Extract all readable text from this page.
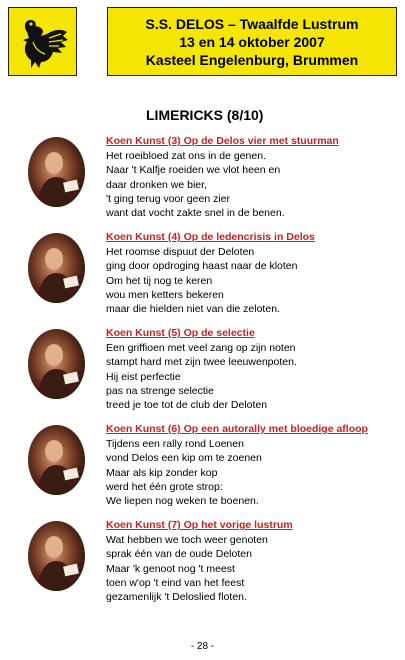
S.S. DELOS – Twaalfde Lustrum
13 en 14 oktober 2007
Kasteel Engelenburg, Brummen
LIMERICKS (8/10)
Koen Kunst (3) Op de Delos vier met stuurman
Het roeibloed zat ons in de genen.
Naar 't Kalfje roeiden we vlot heen en
daar dronken we bier,
't ging terug voor geen zier
want dat vocht zakte snel in de benen.
Koen Kunst (4) Op de ledencrisis in Delos
Het roomse dispuut der Deloten
ging door opdroging haast naar de kloten
Om het tij nog te keren
wou men ketters bekeren
maar die hielden niet van die zeloten.
Koen Kunst (5) Op de selectie
Een griffioen met veel zang op zijn noten
stampt hard met zijn twee leeuwenpoten.
Hij eist perfectie
pas na strenge selectie
treed je toe tot de club der Deloten
Koen Kunst (6) Op een autorally met bloedige afloop
Tijdens een rally rond Loenen
vond Delos een kip om te zoenen
Maar als kip zonder kop
werd het één grote strop:
We liepen nog weken te boenen.
Koen Kunst (7) Op het vorige lustrum
Wat hebben we toch weer genoten
sprak één van de oude Deloten
Maar 'k genoot nog 't meest
toen w'op 't eind van het feest
gezamenlijk 't Deloslied floten.
- 28 -
